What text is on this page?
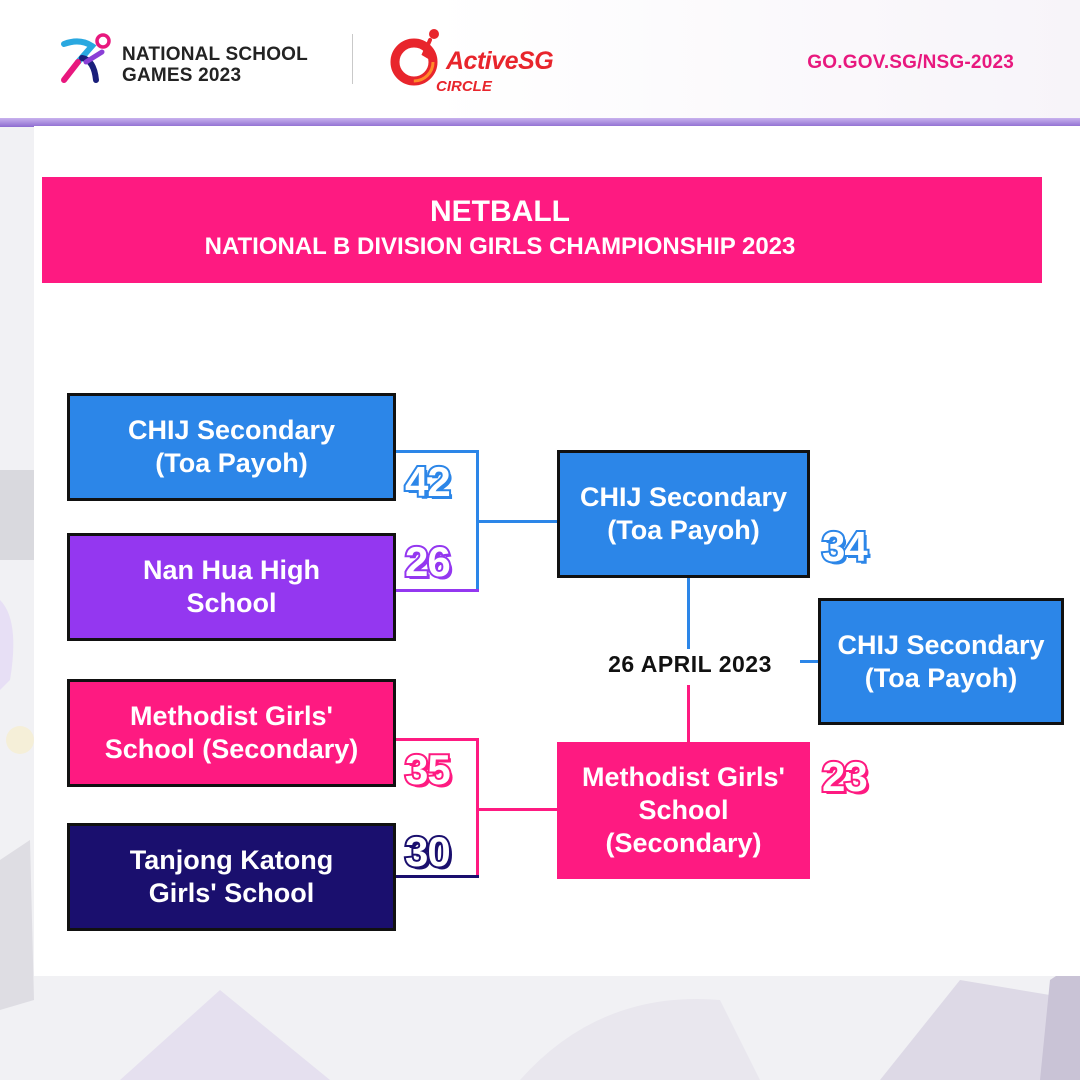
NATIONAL SCHOOL
GAMES 2023
ActiveSG
CIRCLE
GO.GOV.SG/NSG-2023
NETBALL
NATIONAL B DIVISION GIRLS CHAMPIONSHIP 2023
CHIJ Secondary (Toa Payoh)	42
Nan Hua High School
26
Methodist Girls' School (Secondary)	35
Tanjong Katong Girls' School
30
CHIJ Secondary (Toa Payoh)	34
Methodist Girls' School (Secondary)
23
26 APRIL 2023
CHIJ Secondary (Toa Payoh)
